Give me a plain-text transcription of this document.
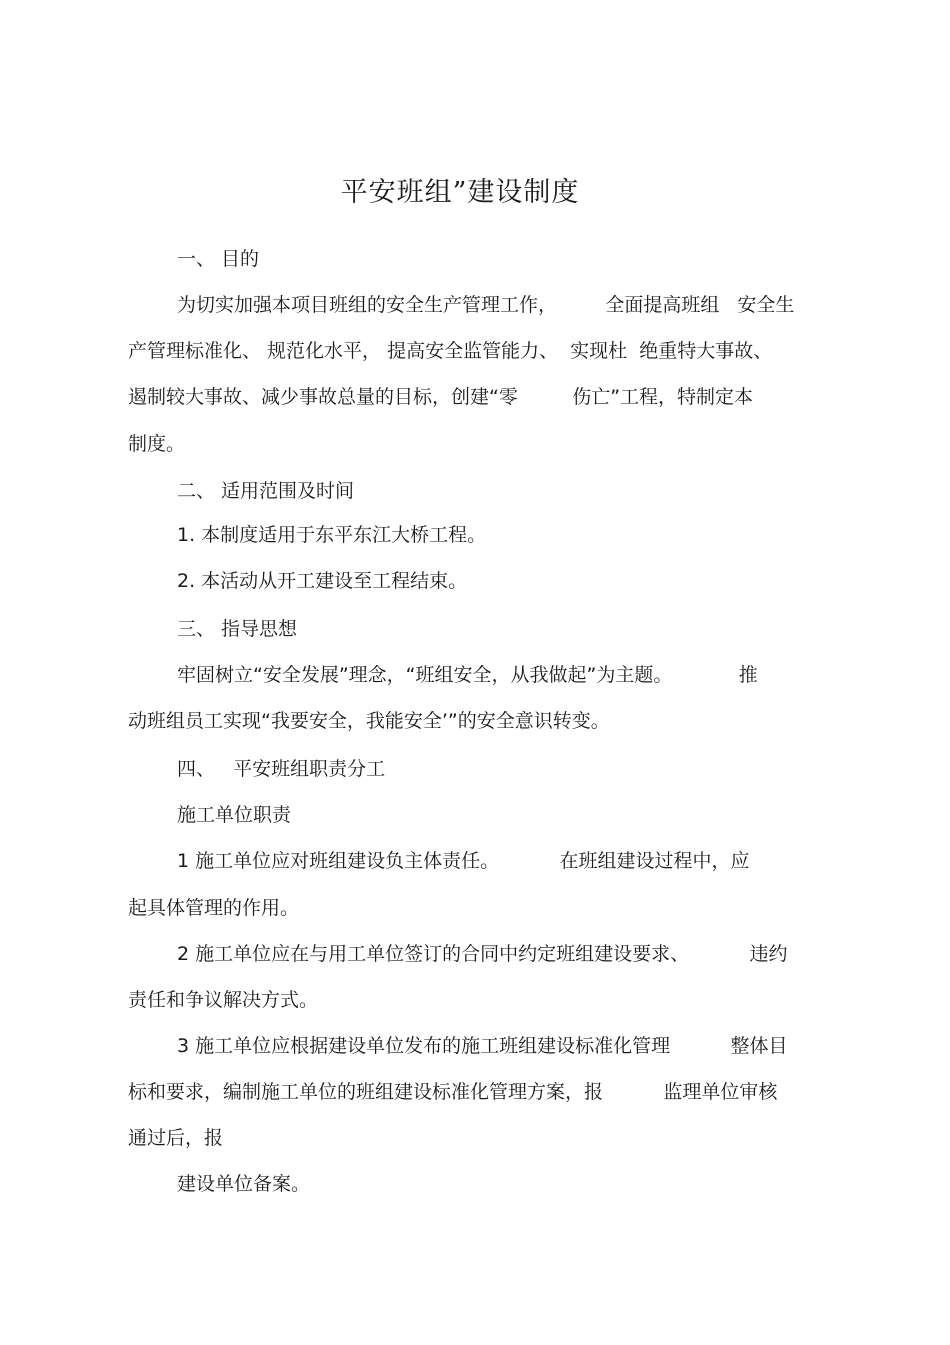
平安班组”建设制度
一、 目的
为切实加强本项目班组的安全生产管理工作，        全面提高班组   安全生
产管理标准化、 规范化水平， 提高安全监管能力、  实现杜  绝重特大事故、
遏制较大事故、减少事故总量的目标，创建“零         伤亡”工程，特制定本
制度。
二、 适用范围及时间
1. 本制度适用于东平东江大桥工程。
2. 本活动从开工建设至工程结束。
三、 指导思想
牢固树立“安全发展”理念，“班组安全，从我做起”为主题。           推
动班组员工实现“我要安全，我能安全’”的安全意识转变。
四、   平安班组职责分工
施工单位职责
1 施工单位应对班组建设负主体责任。          在班组建设过程中，应
起具体管理的作用。
2 施工单位应在与用工单位签订的合同中约定班组建设要求、          违约
责任和争议解决方式。
3 施工单位应根据建设单位发布的施工班组建设标准化管理          整体目
标和要求，编制施工单位的班组建设标准化管理方案，报          监理单位审核
通过后，报
建设单位备案。
